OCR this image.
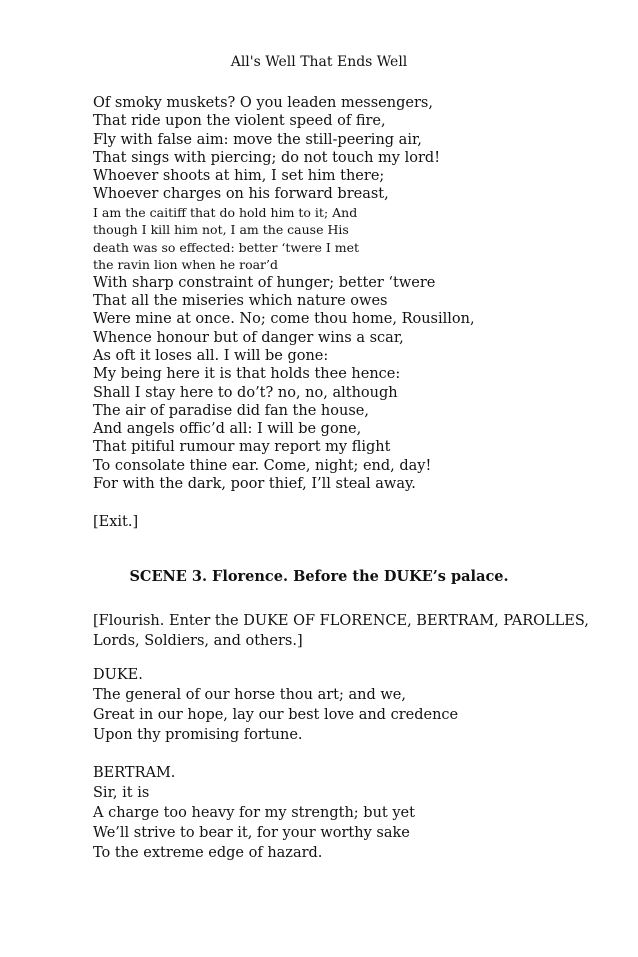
All's Well That Ends Well
Of smoky muskets? O you leaden messengers,
That ride upon the violent speed of fire,
Fly with false aim: move the still-peering air,
That sings with piercing; do not touch my lord!
Whoever shoots at him, I set him there;
Whoever charges on his forward breast,
I am the caitiff that do hold him to it; And
though I kill him not, I am the cause His
death was so effected: better ‘twere I met
the ravin lion when he roar’d
With sharp constraint of hunger; better ‘twere
That all the miseries which nature owes
Were mine at once. No; come thou home, Rousillon,
Whence honour but of danger wins a scar,
As oft it loses all. I will be gone:
My being here it is that holds thee hence:
Shall I stay here to do’t? no, no, although
The air of paradise did fan the house,
And angels offic’d all: I will be gone,
That pitiful rumour may report my flight
To consolate thine ear. Come, night; end, day!
For with the dark, poor thief, I’ll steal away.
[Exit.]
SCENE 3. Florence. Before the DUKE’s palace.
[Flourish. Enter the DUKE OF FLORENCE, BERTRAM, PAROLLES,
Lords, Soldiers, and others.]
DUKE.
The general of our horse thou art; and we,
Great in our hope, lay our best love and credence
Upon thy promising fortune.
BERTRAM.
Sir, it is
A charge too heavy for my strength; but yet
We’ll strive to bear it, for your worthy sake
To the extreme edge of hazard.
